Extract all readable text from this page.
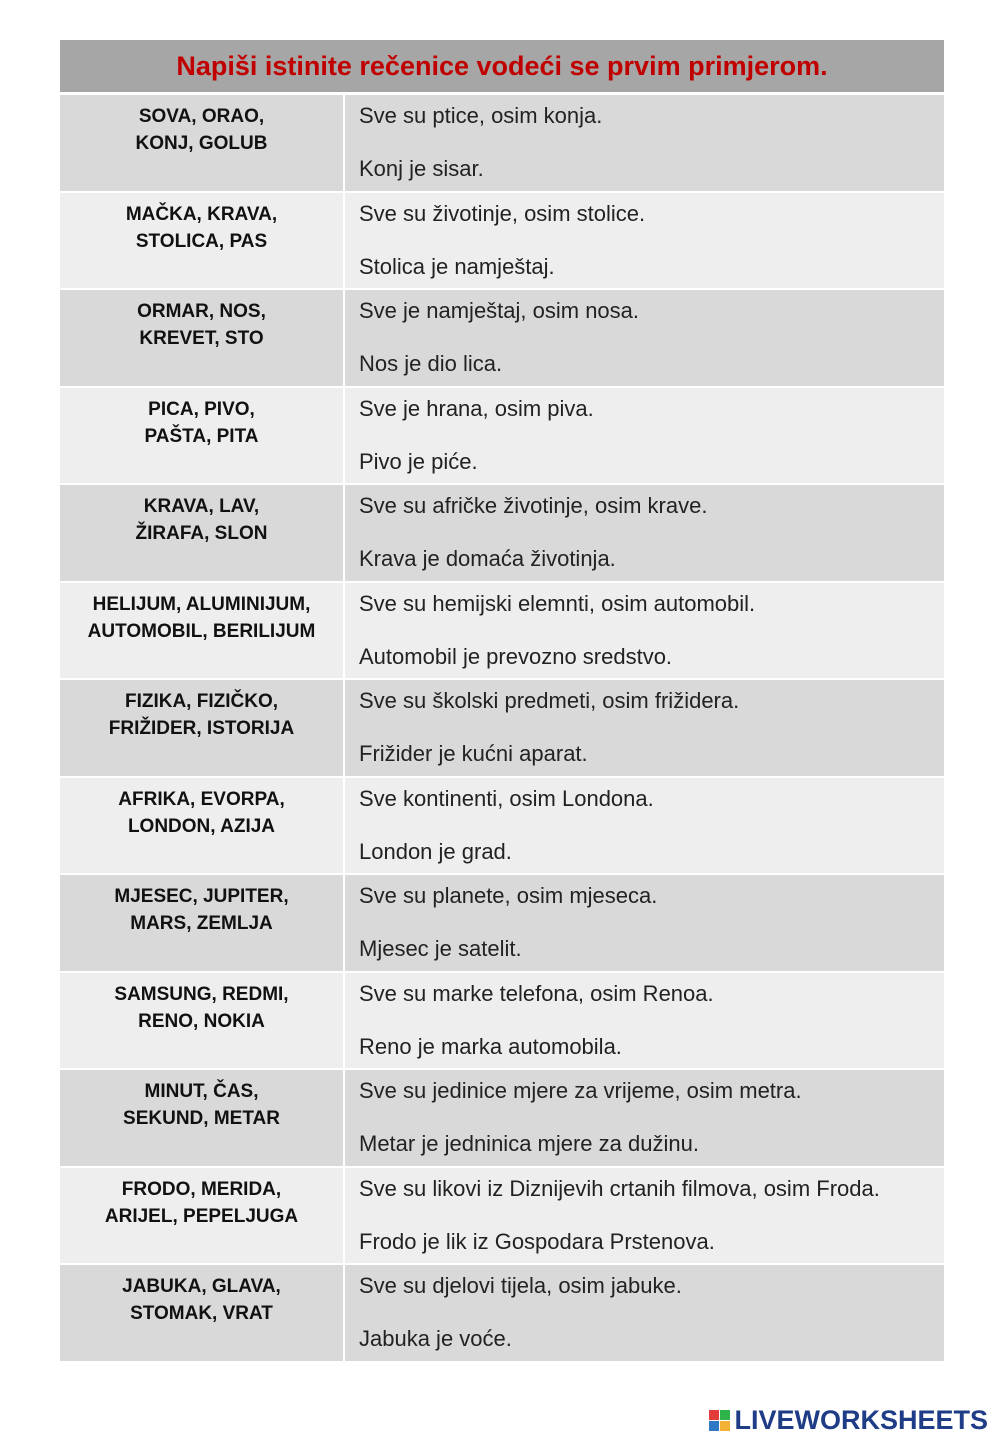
Napiši istinite rečenice vodeći se prvim primjerom.
SOVA, ORAO,
KONJ, GOLUB
Sve su ptice, osim konja.
Konj je sisar.
MAČKA, KRAVA,
STOLICA, PAS
Sve su životinje, osim stolice.
Stolica je namještaj.
ORMAR, NOS,
KREVET, STO
Sve je namještaj, osim nosa.
Nos je dio lica.
PICA, PIVO,
PAŠTA, PITA
Sve je hrana, osim piva.
Pivo je piće.
KRAVA, LAV,
ŽIRAFA, SLON
Sve su afričke životinje, osim krave.
Krava je domaća životinja.
HELIJUM, ALUMINIJUM,
AUTOMOBIL, BERILIJUM
Sve su hemijski elemnti, osim automobil.
Automobil je prevozno sredstvo.
FIZIKA, FIZIČKO,
FRIŽIDER, ISTORIJA
Sve su školski predmeti, osim frižidera.
Frižider je kućni aparat.
AFRIKA, EVORPA,
LONDON, AZIJA
Sve kontinenti, osim Londona.
London je grad.
MJESEC, JUPITER,
MARS, ZEMLJA
Sve su planete, osim mjeseca.
Mjesec je satelit.
SAMSUNG, REDMI,
RENO, NOKIA
Sve su marke telefona, osim Renoa.
Reno je marka automobila.
MINUT, ČAS,
SEKUND, METAR
Sve su jedinice mjere za vrijeme, osim metra.
Metar je jedninica mjere za dužinu.
FRODO, MERIDA,
ARIJEL, PEPELJUGA
Sve su likovi iz Diznijevih crtanih filmova, osim Froda.
Frodo je lik iz Gospodara Prstenova.
JABUKA, GLAVA,
STOMAK, VRAT
Sve su djelovi tijela, osim jabuke.
Jabuka je voće.
LIVEWORKSHEETS
